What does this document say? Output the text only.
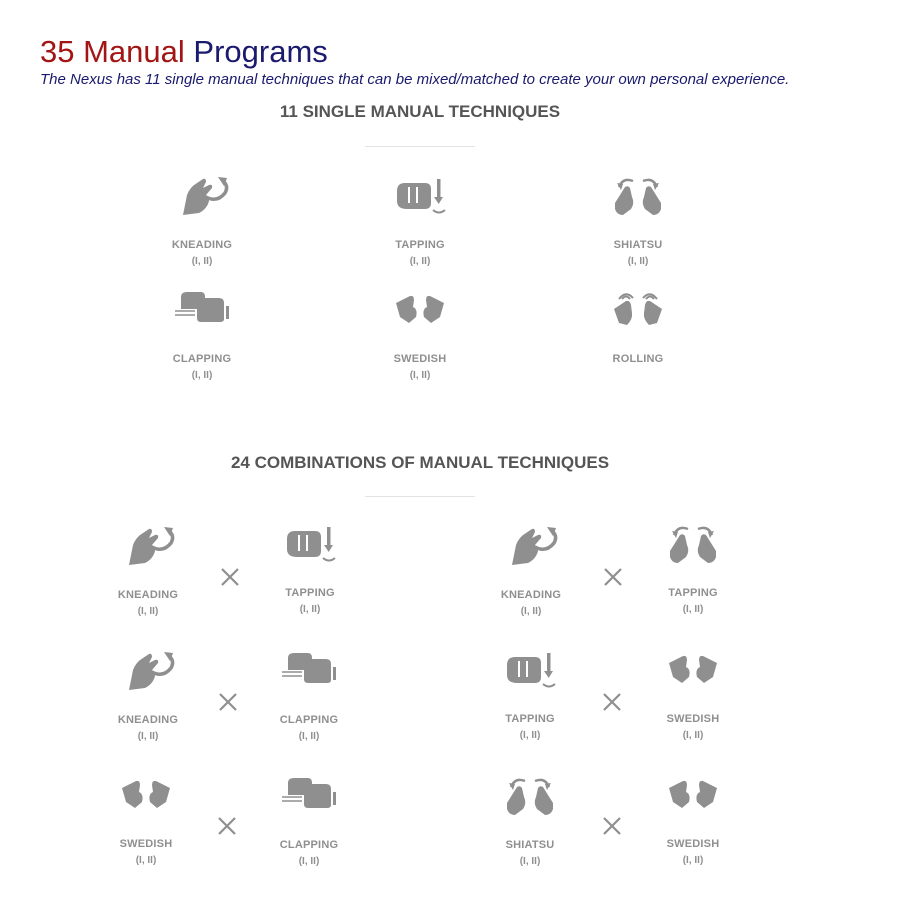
35 Manual Programs
The Nexus has 11 single manual techniques that can be mixed/matched to create your own personal experience.
11 SINGLE MANUAL TECHNIQUES
KNEADING
(I, II)
TAPPING
(I, II)
SHIATSU
(I, II)
CLAPPING
(I, II)
SWEDISH
(I, II)
ROLLING
24 COMBINATIONS OF MANUAL TECHNIQUES
KNEADING
(I, II)
TAPPING
(I, II)
KNEADING
(I, II)
TAPPING
(I, II)
KNEADING
(I, II)
CLAPPING
(I, II)
TAPPING
(I, II)
SWEDISH
(I, II)
SWEDISH
(I, II)
CLAPPING
(I, II)
SHIATSU
(I, II)
SWEDISH
(I, II)
